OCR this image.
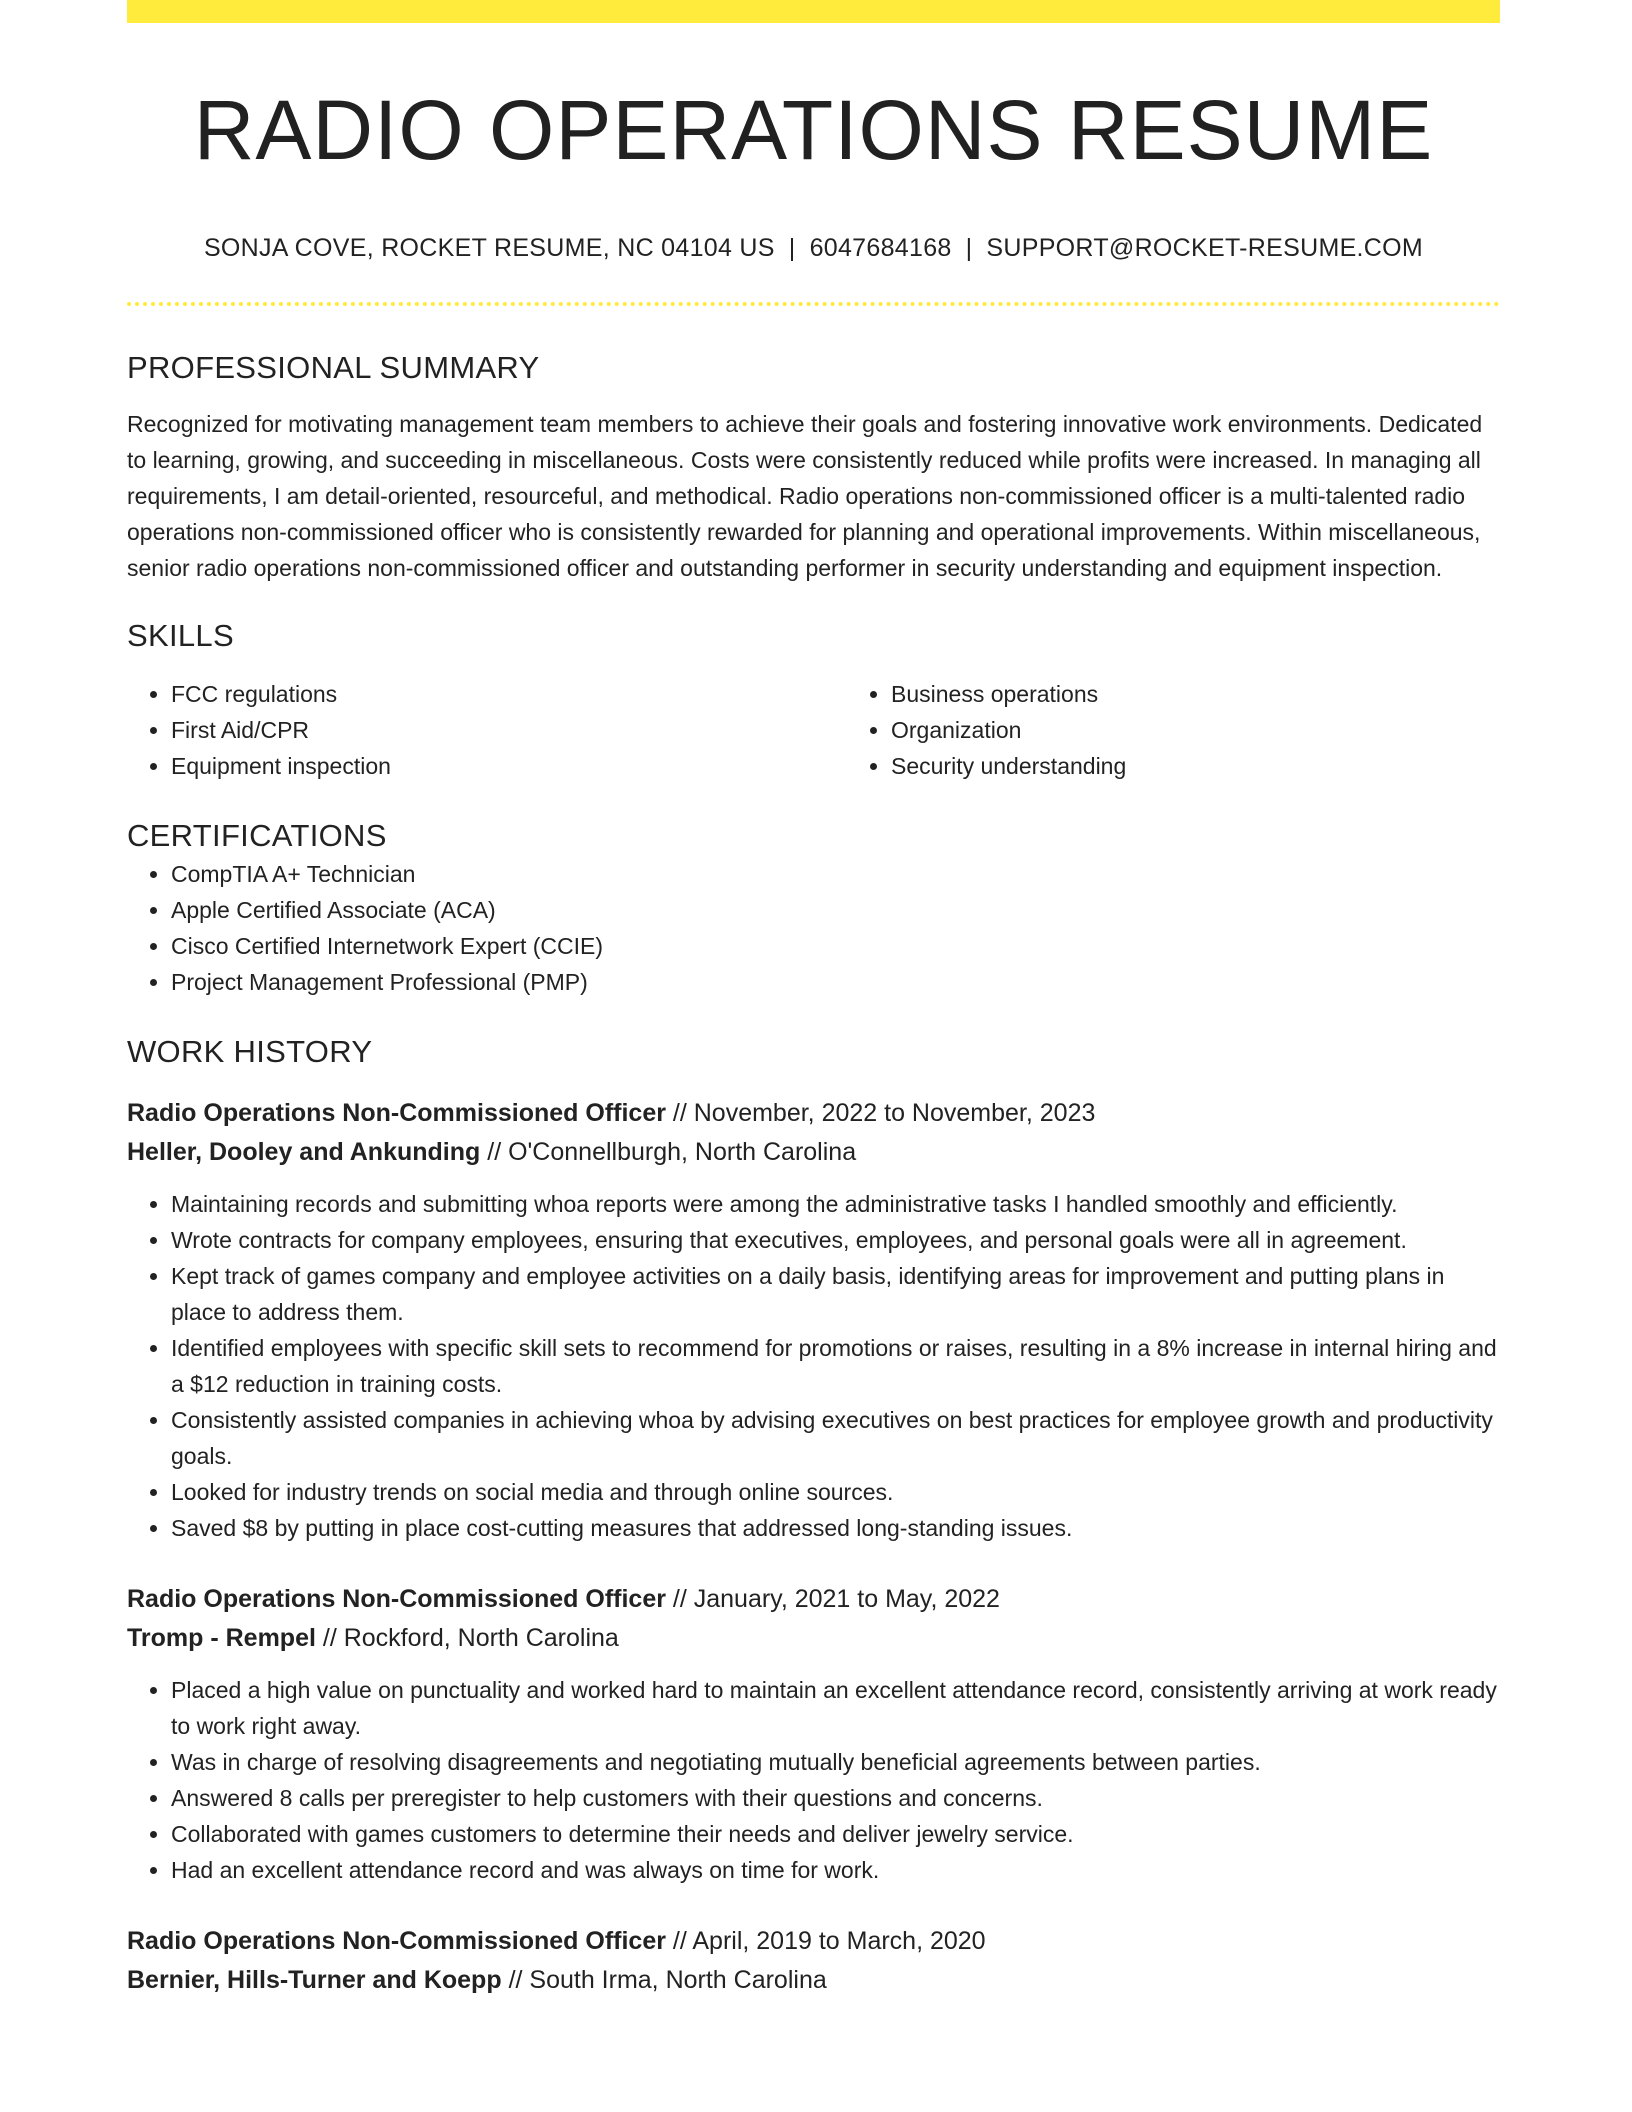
RADIO OPERATIONS RESUME
SONJA COVE, ROCKET RESUME, NC 04104 US | 6047684168 | SUPPORT@ROCKET-RESUME.COM
PROFESSIONAL SUMMARY
Recognized for motivating management team members to achieve their goals and fostering innovative work environments. Dedicated to learning, growing, and succeeding in miscellaneous. Costs were consistently reduced while profits were increased. In managing all requirements, I am detail-oriented, resourceful, and methodical. Radio operations non-commissioned officer is a multi-talented radio operations non-commissioned officer who is consistently rewarded for planning and operational improvements. Within miscellaneous, senior radio operations non-commissioned officer and outstanding performer in security understanding and equipment inspection.
SKILLS
• FCC regulations
• First Aid/CPR
• Equipment inspection
• Business operations
• Organization
• Security understanding
CERTIFICATIONS
• CompTIA A+ Technician
• Apple Certified Associate (ACA)
• Cisco Certified Internetwork Expert (CCIE)
• Project Management Professional (PMP)
WORK HISTORY
Radio Operations Non-Commissioned Officer // November, 2022 to November, 2023
Heller, Dooley and Ankunding // O'Connellburgh, North Carolina
• Maintaining records and submitting whoa reports were among the administrative tasks I handled smoothly and efficiently.
• Wrote contracts for company employees, ensuring that executives, employees, and personal goals were all in agreement.
• Kept track of games company and employee activities on a daily basis, identifying areas for improvement and putting plans in place to address them.
• Identified employees with specific skill sets to recommend for promotions or raises, resulting in a 8% increase in internal hiring and a $12 reduction in training costs.
• Consistently assisted companies in achieving whoa by advising executives on best practices for employee growth and productivity goals.
• Looked for industry trends on social media and through online sources.
• Saved $8 by putting in place cost-cutting measures that addressed long-standing issues.
Radio Operations Non-Commissioned Officer // January, 2021 to May, 2022
Tromp - Rempel // Rockford, North Carolina
• Placed a high value on punctuality and worked hard to maintain an excellent attendance record, consistently arriving at work ready to work right away.
• Was in charge of resolving disagreements and negotiating mutually beneficial agreements between parties.
• Answered 8 calls per preregister to help customers with their questions and concerns.
• Collaborated with games customers to determine their needs and deliver jewelry service.
• Had an excellent attendance record and was always on time for work.
Radio Operations Non-Commissioned Officer // April, 2019 to March, 2020
Bernier, Hills-Turner and Koepp // South Irma, North Carolina
